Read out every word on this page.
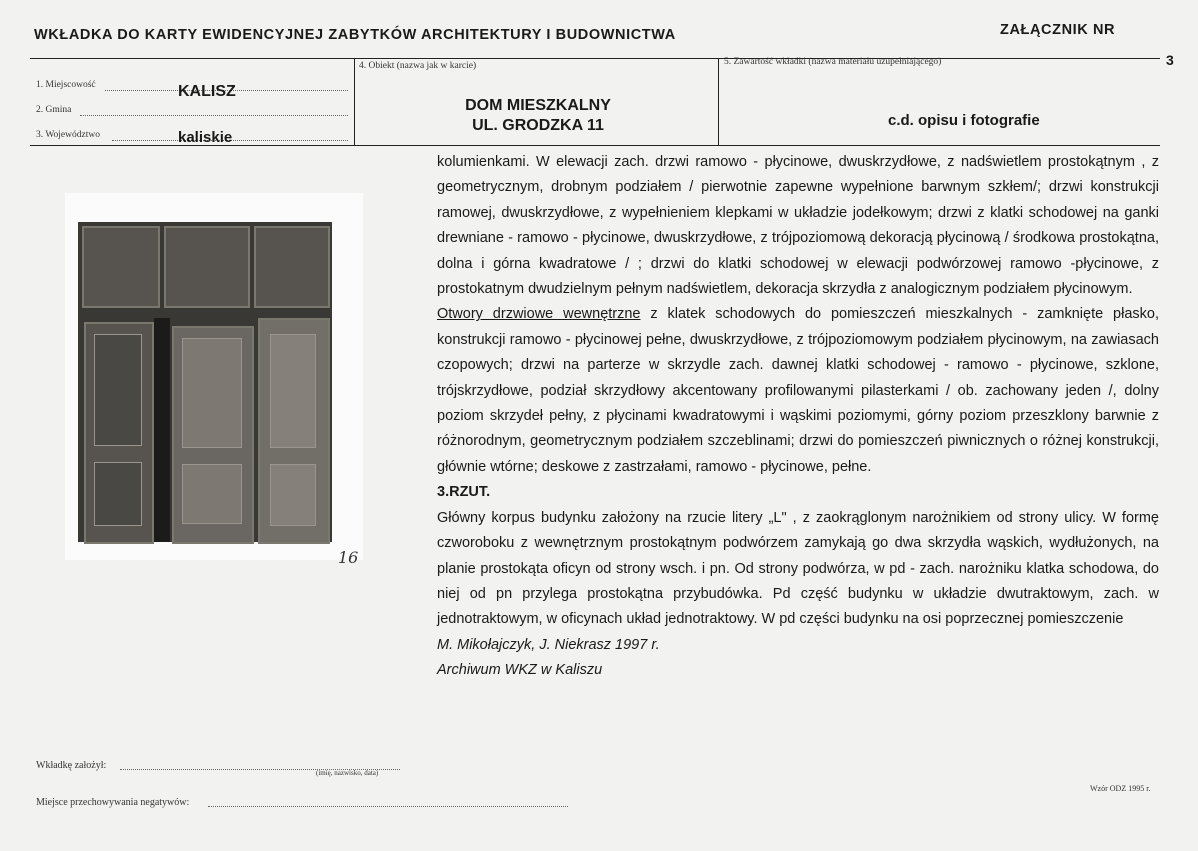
WKŁADKA DO KARTY EWIDENCYJNEJ ZABYTKÓW ARCHITEKTURY I BUDOWNICTWA	ZAŁĄCZNIK NR
3
1. Miejscowość	KALISZ
2. Gmina
3. Województwo	kaliskie
4. Obiekt (nazwa jak w karcie)
DOM MIESZKALNY
UL. GRODZKA 11
5. Zawartość wkładki (nazwa materiału uzupełniającego)
c.d. opisu i fotografie
16

kolumienkami. W elewacji zach. drzwi ramowo - płycinowe, dwuskrzydłowe, z nadświetlem prostokątnym , z geometrycznym, drobnym podziałem / pierwotnie zapewne wypełnione barwnym szkłem/; drzwi konstrukcji ramowej, dwuskrzydłowe, z wypełnieniem klepkami w układzie jodełkowym; drzwi z klatki schodowej na ganki drewniane - ramowo - płycinowe, dwuskrzydłowe, z trójpoziomową dekoracją płycinową / środkowa prostokątna, dolna i górna kwadratowe / ; drzwi do klatki schodowej w elewacji podwórzowej ramowo -płycinowe, z prostokatnym dwudzielnym pełnym nadświetlem, dekoracja skrzydła z analogicznym podziałem płycinowym.

Otwory drzwiowe wewnętrzne z klatek schodowych do pomieszczeń mieszkalnych - zamknięte płasko, konstrukcji ramowo - płycinowej pełne, dwuskrzydłowe, z trójpoziomowym podziałem płycinowym, na zawiasach czopowych; drzwi na parterze w skrzydle zach. dawnej klatki schodowej - ramowo - płycinowe, szklone, trójskrzydłowe, podział skrzydłowy akcentowany profilowanymi pilasterkami / ob. zachowany jeden /, dolny poziom skrzydeł pełny, z płycinami kwadratowymi i wąskimi poziomymi, górny poziom przeszklony barwnie z różnorodnym, geometrycznym podziałem szczeblinami; drzwi do pomieszczeń piwnicznych o różnej konstrukcji, głównie wtórne; deskowe z zastrzałami, ramowo - płycinowe, pełne.

3.RZUT.

Główny korpus budynku założony na rzucie litery „L" , z zaokrąglonym narożnikiem od strony ulicy. W formę czworoboku z wewnętrznym prostokątnym podwórzem zamykają go dwa skrzydła wąskich, wydłużonych, na planie prostokąta oficyn od strony wsch. i pn. Od strony podwórza, w pd - zach. narożniku klatka schodowa, do niej od pn przylega prostokątna przybudówka. Pd część budynku w układzie dwutraktowym, zach. w jednotraktowym, w oficynach układ jednotraktowy. W pd części budynku na osi poprzecznej pomieszczenie

M. Mikołajczyk, J. Niekrasz 1997 r.

Archiwum WKZ w Kaliszu

Wkładkę założył:
(imię, nazwisko, data)
Miejsce przechowywania negatywów:
Wzór ODZ 1995 r.
